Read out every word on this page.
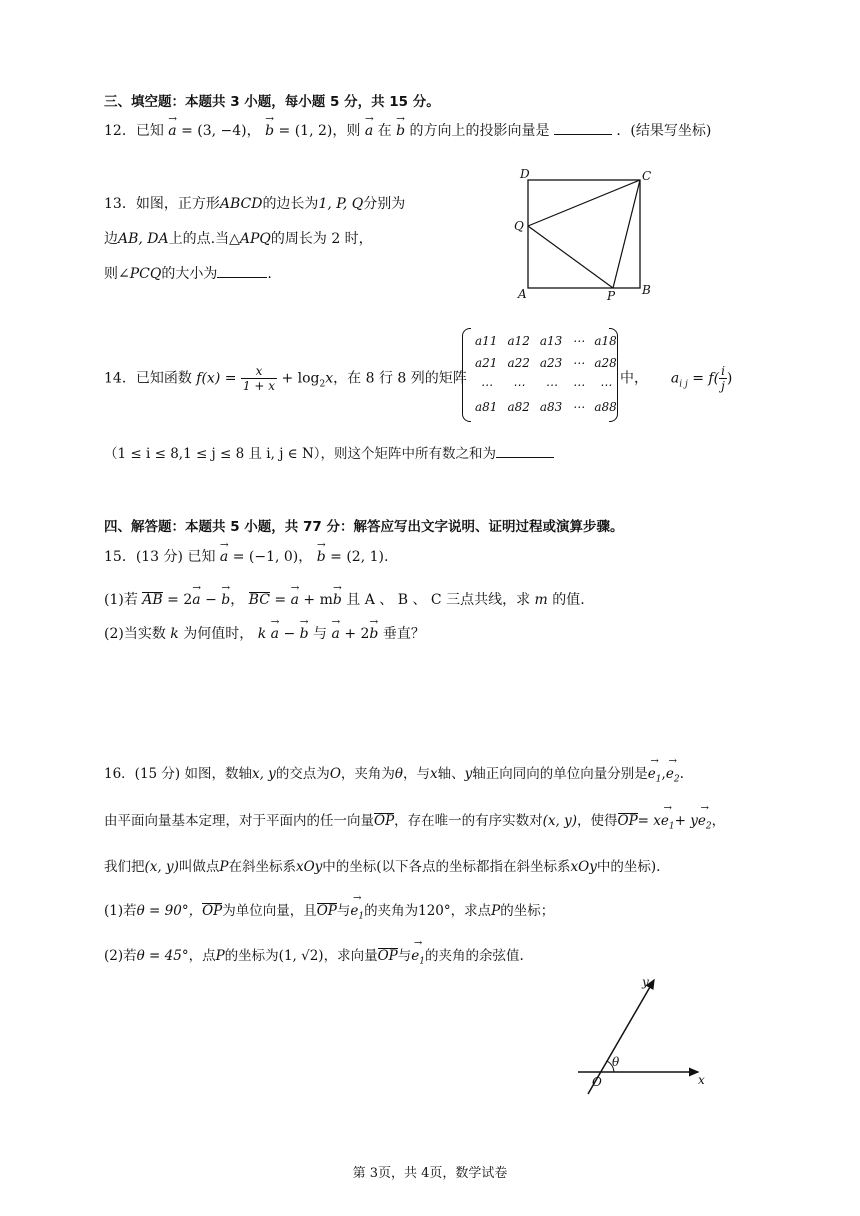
三、填空题：本题共 3 小题，每小题 5 分，共 15 分。
12．已知 → a = (3, −4)， → b = (1, 2)，则 → a 在 → b 的方向上的投影向量是	．(结果写坐标)
13．如图，正方形ABCD的边长为1, P, Q分别为
边AB, DA上的点.当△APQ的周长为 2 时，
则∠PCQ的大小为	.
D	C
Q
A	P B
14．已知函数 $f(x) = \frac{x}{1 + x} + \log_2x$，在 8 行 8 列的矩阵
a11	a12	a13	⋯	a18
a21	a22	a23	⋯	a28
⋯	⋯	⋯	⋯	⋯
a81	a82	a83	⋯	a88
中， $a_{i j} = f( \frac{i}{j}$ )
（1 ≤ i ≤ 8,1 ≤ j ≤ 8 且 i, j ∈ N），则这个矩阵中所有数之和为
四、解答题：本题共 5 小题，共 77 分：解答应写出文字说明、证明过程或演算步骤。
15．(13 分) 已知 → a = (−1, 0)， → b = (2, 1).
(1)若 AB = 2→ a − → b， BC = → a + m→ b 且 A 、 B 、 C 三点共线，求 m 的值.
(2)当实数 k 为何值时， k → a − → b 与 → a + 2→ b 垂直？
16．(15 分) 如图，数轴x, y的交点为O，夹角为θ，与x轴、y轴正向同向的单位向量分别是→ $e_1,\to e_2$.
由平面向量基本定理，对于平面内的任一向量OP，存在唯一的有序实数对(x, y)，使得$OP= x\to e_1+ y\to e_2$，
我们把(x, y)叫做点P在斜坐标系xOy中的坐标(以下各点的坐标都指在斜坐标系xOy中的坐标).
(1)若θ = 90°，OP为单位向量，且OP与→ $e_1$的夹角为120°，求点P的坐标；
(2)若θ = 45°，点P的坐标为(1, √2)，求向量OP与→ $e_1$的夹角的余弦值.
y
θ
O	x
第 3页，共 4页，数学试卷
